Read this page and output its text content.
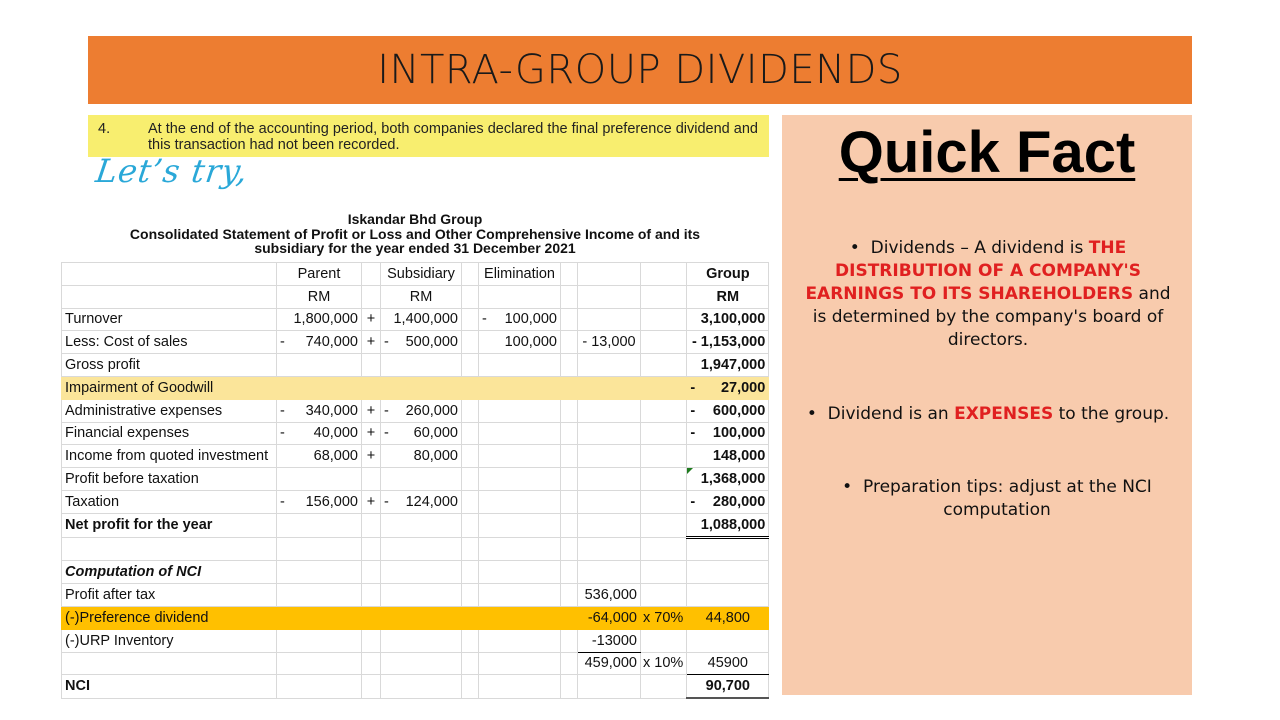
INTRA-GROUP DIVIDENDS
4.	At the end of the accounting period, both companies declared the final preference dividend and this transaction had not been recorded.
Let’s try,
Iskandar Bhd Group
Consolidated Statement of Profit or Loss and Other Comprehensive Income of and its
subsidiary for the year ended 31 December 2021
	Parent		Subsidiary		Elimination				Group
	RM		RM						RM
Turnover	1,800,000	+	1,400,000		- 100,000				3,100,000
Less: Cost of sales	- 740,000	+	- 500,000		100,000		- 13,000		- 1,153,000
Gross profit									1,947,000
Impairment of Goodwill									- 27,000
Administrative expenses	- 340,000	+	- 260,000						- 600,000
Financial expenses	- 40,000	+	- 60,000						- 100,000
Income from quoted investment	68,000	+	80,000						148,000
Profit before taxation									1,368,000
Taxation	- 156,000	+	- 124,000						- 280,000
Net profit for the year									1,088,000

Computation of NCI									
Profit after tax							536,000		
(-)Preference dividend							-64,000	x 70%	44,800
(-)URP Inventory							-13000		
							459,000	x 10%	45900
NCI									90,700
Quick Fact
•  Dividends – A dividend is THE DISTRIBUTION OF A COMPANY'S EARNINGS TO ITS SHAREHOLDERS and is determined by the company's board of directors.
•  Dividend is an EXPENSES to the group.
•  Preparation tips: adjust at the NCI computation
